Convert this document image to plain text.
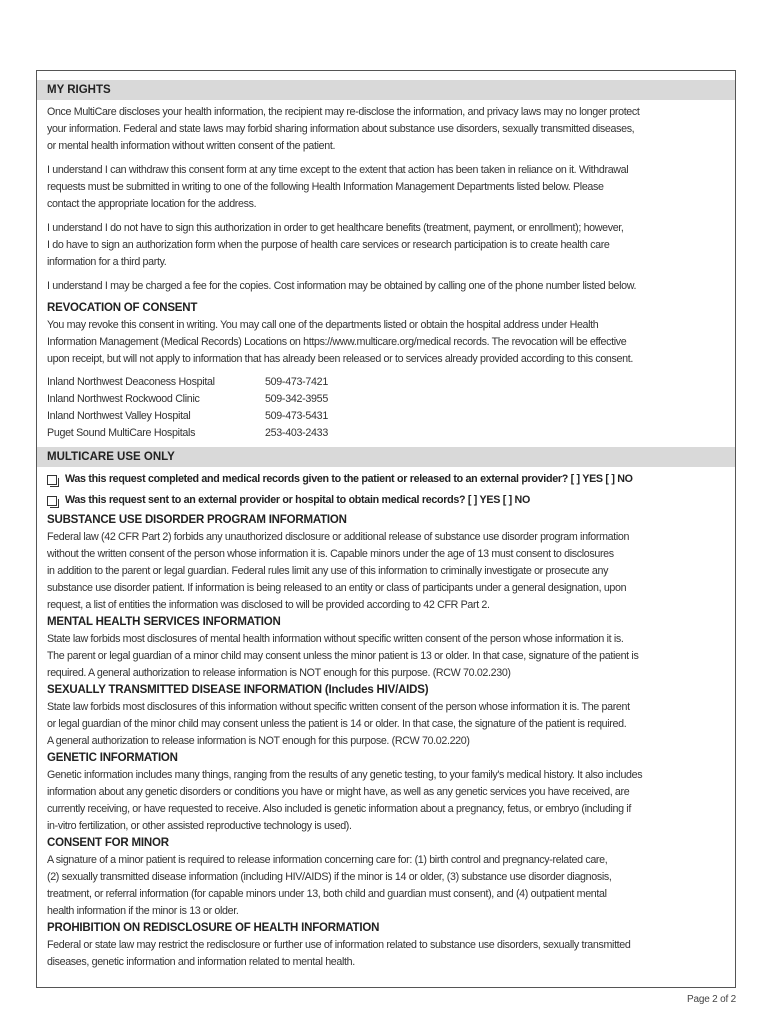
MY RIGHTS

Once MultiCare discloses your health information, the recipient may re-disclose the information, and privacy laws may no longer protect
your information. Federal and state laws may forbid sharing information about substance use disorders, sexually transmitted diseases,
or mental health information without written consent of the patient.

I understand I can withdraw this consent form at any time except to the extent that action has been taken in reliance on it. Withdrawal
requests must be submitted in writing to one of the following Health Information Management Departments listed below. Please
contact the appropriate location for the address.

I understand I do not have to sign this authorization in order to get healthcare benefits (treatment, payment, or enrollment); however,
I do have to sign an authorization form when the purpose of health care services or research participation is to create health care
information for a third party.

I understand I may be charged a fee for the copies. Cost information may be obtained by calling one of the phone number listed below.

REVOCATION OF CONSENT

You may revoke this consent in writing. You may call one of the departments listed or obtain the hospital address under Health
Information Management (Medical Records) Locations on https://www.multicare.org/medical records. The revocation will be effective
upon receipt, but will not apply to information that has already been released or to services already provided according to this consent.

Inland Northwest Deaconess Hospital	509-473-7421
Inland Northwest Rockwood Clinic	509-342-3955
Inland Northwest Valley Hospital	509-473-5431
Puget Sound MultiCare Hospitals	253-403-2433
MULTICARE USE ONLY
Was this request completed and medical records given to the patient or released to an external provider? [ ] YES [ ] NO
Was this request sent to an external provider or hospital to obtain medical records? [ ] YES [ ] NO
SUBSTANCE USE DISORDER PROGRAM INFORMATION

Federal law (42 CFR Part 2) forbids any unauthorized disclosure or additional release of substance use disorder program information
without the written consent of the person whose information it is. Capable minors under the age of 13 must consent to disclosures
in addition to the parent or legal guardian. Federal rules limit any use of this information to criminally investigate or prosecute any
substance use disorder patient. If information is being released to an entity or class of participants under a general designation, upon
request, a list of entities the information was disclosed to will be provided according to 42 CFR Part 2.

MENTAL HEALTH SERVICES INFORMATION

State law forbids most disclosures of mental health information without specific written consent of the person whose information it is.
The parent or legal guardian of a minor child may consent unless the minor patient is 13 or older. In that case, signature of the patient is
required. A general authorization to release information is NOT enough for this purpose. (RCW 70.02.230)

SEXUALLY TRANSMITTED DISEASE INFORMATION (Includes HIV/AIDS)

State law forbids most disclosures of this information without specific written consent of the person whose information it is. The parent
or legal guardian of the minor child may consent unless the patient is 14 or older. In that case, the signature of the patient is required.
A general authorization to release information is NOT enough for this purpose. (RCW 70.02.220)

GENETIC INFORMATION

Genetic information includes many things, ranging from the results of any genetic testing, to your family's medical history. It also includes
information about any genetic disorders or conditions you have or might have, as well as any genetic services you have received, are
currently receiving, or have requested to receive. Also included is genetic information about a pregnancy, fetus, or embryo (including if
in-vitro fertilization, or other assisted reproductive technology is used).

CONSENT FOR MINOR

A signature of a minor patient is required to release information concerning care for: (1) birth control and pregnancy-related care,
(2) sexually transmitted disease information (including HIV/AIDS) if the minor is 14 or older, (3) substance use disorder diagnosis,
treatment, or referral information (for capable minors under 13, both child and guardian must consent), and (4) outpatient mental
health information if the minor is 13 or older.

PROHIBITION ON REDISCLOSURE OF HEALTH INFORMATION

Federal or state law may restrict the redisclosure or further use of information related to substance use disorders, sexually transmitted
diseases, genetic information and information related to mental health.

Page 2 of 2
